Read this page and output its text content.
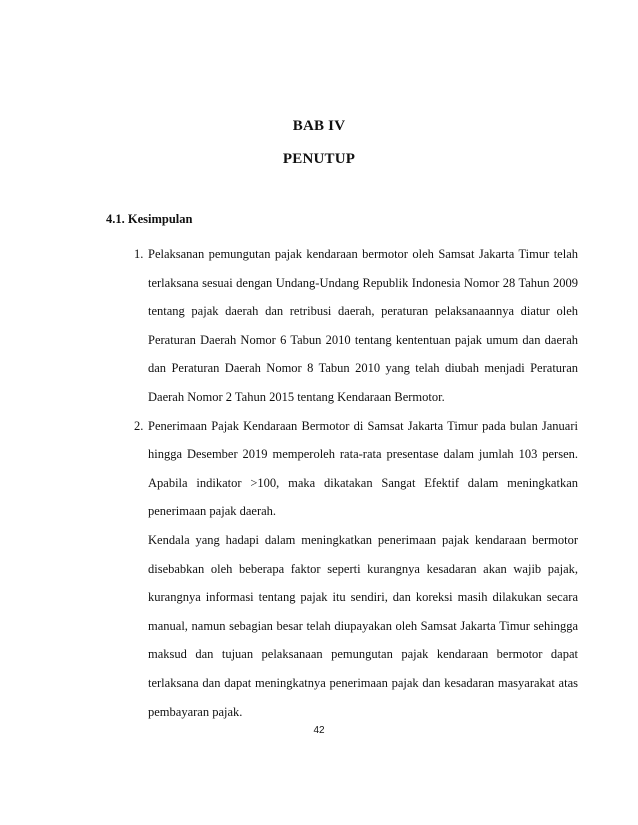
BAB IV
PENUTUP
4.1. Kesimpulan
1. Pelaksanan pemungutan pajak kendaraan bermotor oleh Samsat Jakarta Timur telah terlaksana sesuai dengan Undang-Undang Republik Indonesia Nomor 28 Tahun 2009 tentang pajak daerah dan retribusi daerah, peraturan pelaksanaannya diatur oleh Peraturan Daerah Nomor 6 Tabun 2010 tentang kententuan pajak umum dan daerah dan Peraturan Daerah Nomor 8 Tabun 2010 yang telah diubah menjadi Peraturan Daerah Nomor 2 Tahun 2015 tentang Kendaraan Bermotor.

2. Penerimaan Pajak Kendaraan Bermotor di Samsat Jakarta Timur pada bulan Januari hingga Desember 2019 memperoleh rata-rata presentase dalam jumlah 103 persen. Apabila indikator >100, maka dikatakan Sangat Efektif dalam meningkatkan penerimaan pajak daerah.

Kendala yang hadapi dalam meningkatkan penerimaan pajak kendaraan bermotor disebabkan oleh beberapa faktor seperti kurangnya kesadaran akan wajib pajak, kurangnya informasi tentang pajak itu sendiri, dan koreksi masih dilakukan secara manual, namun sebagian besar telah diupayakan oleh Samsat Jakarta Timur sehingga maksud dan tujuan pelaksanaan pemungutan pajak kendaraan bermotor dapat terlaksana dan dapat meningkatnya penerimaan pajak dan kesadaran masyarakat atas pembayaran pajak.

42
